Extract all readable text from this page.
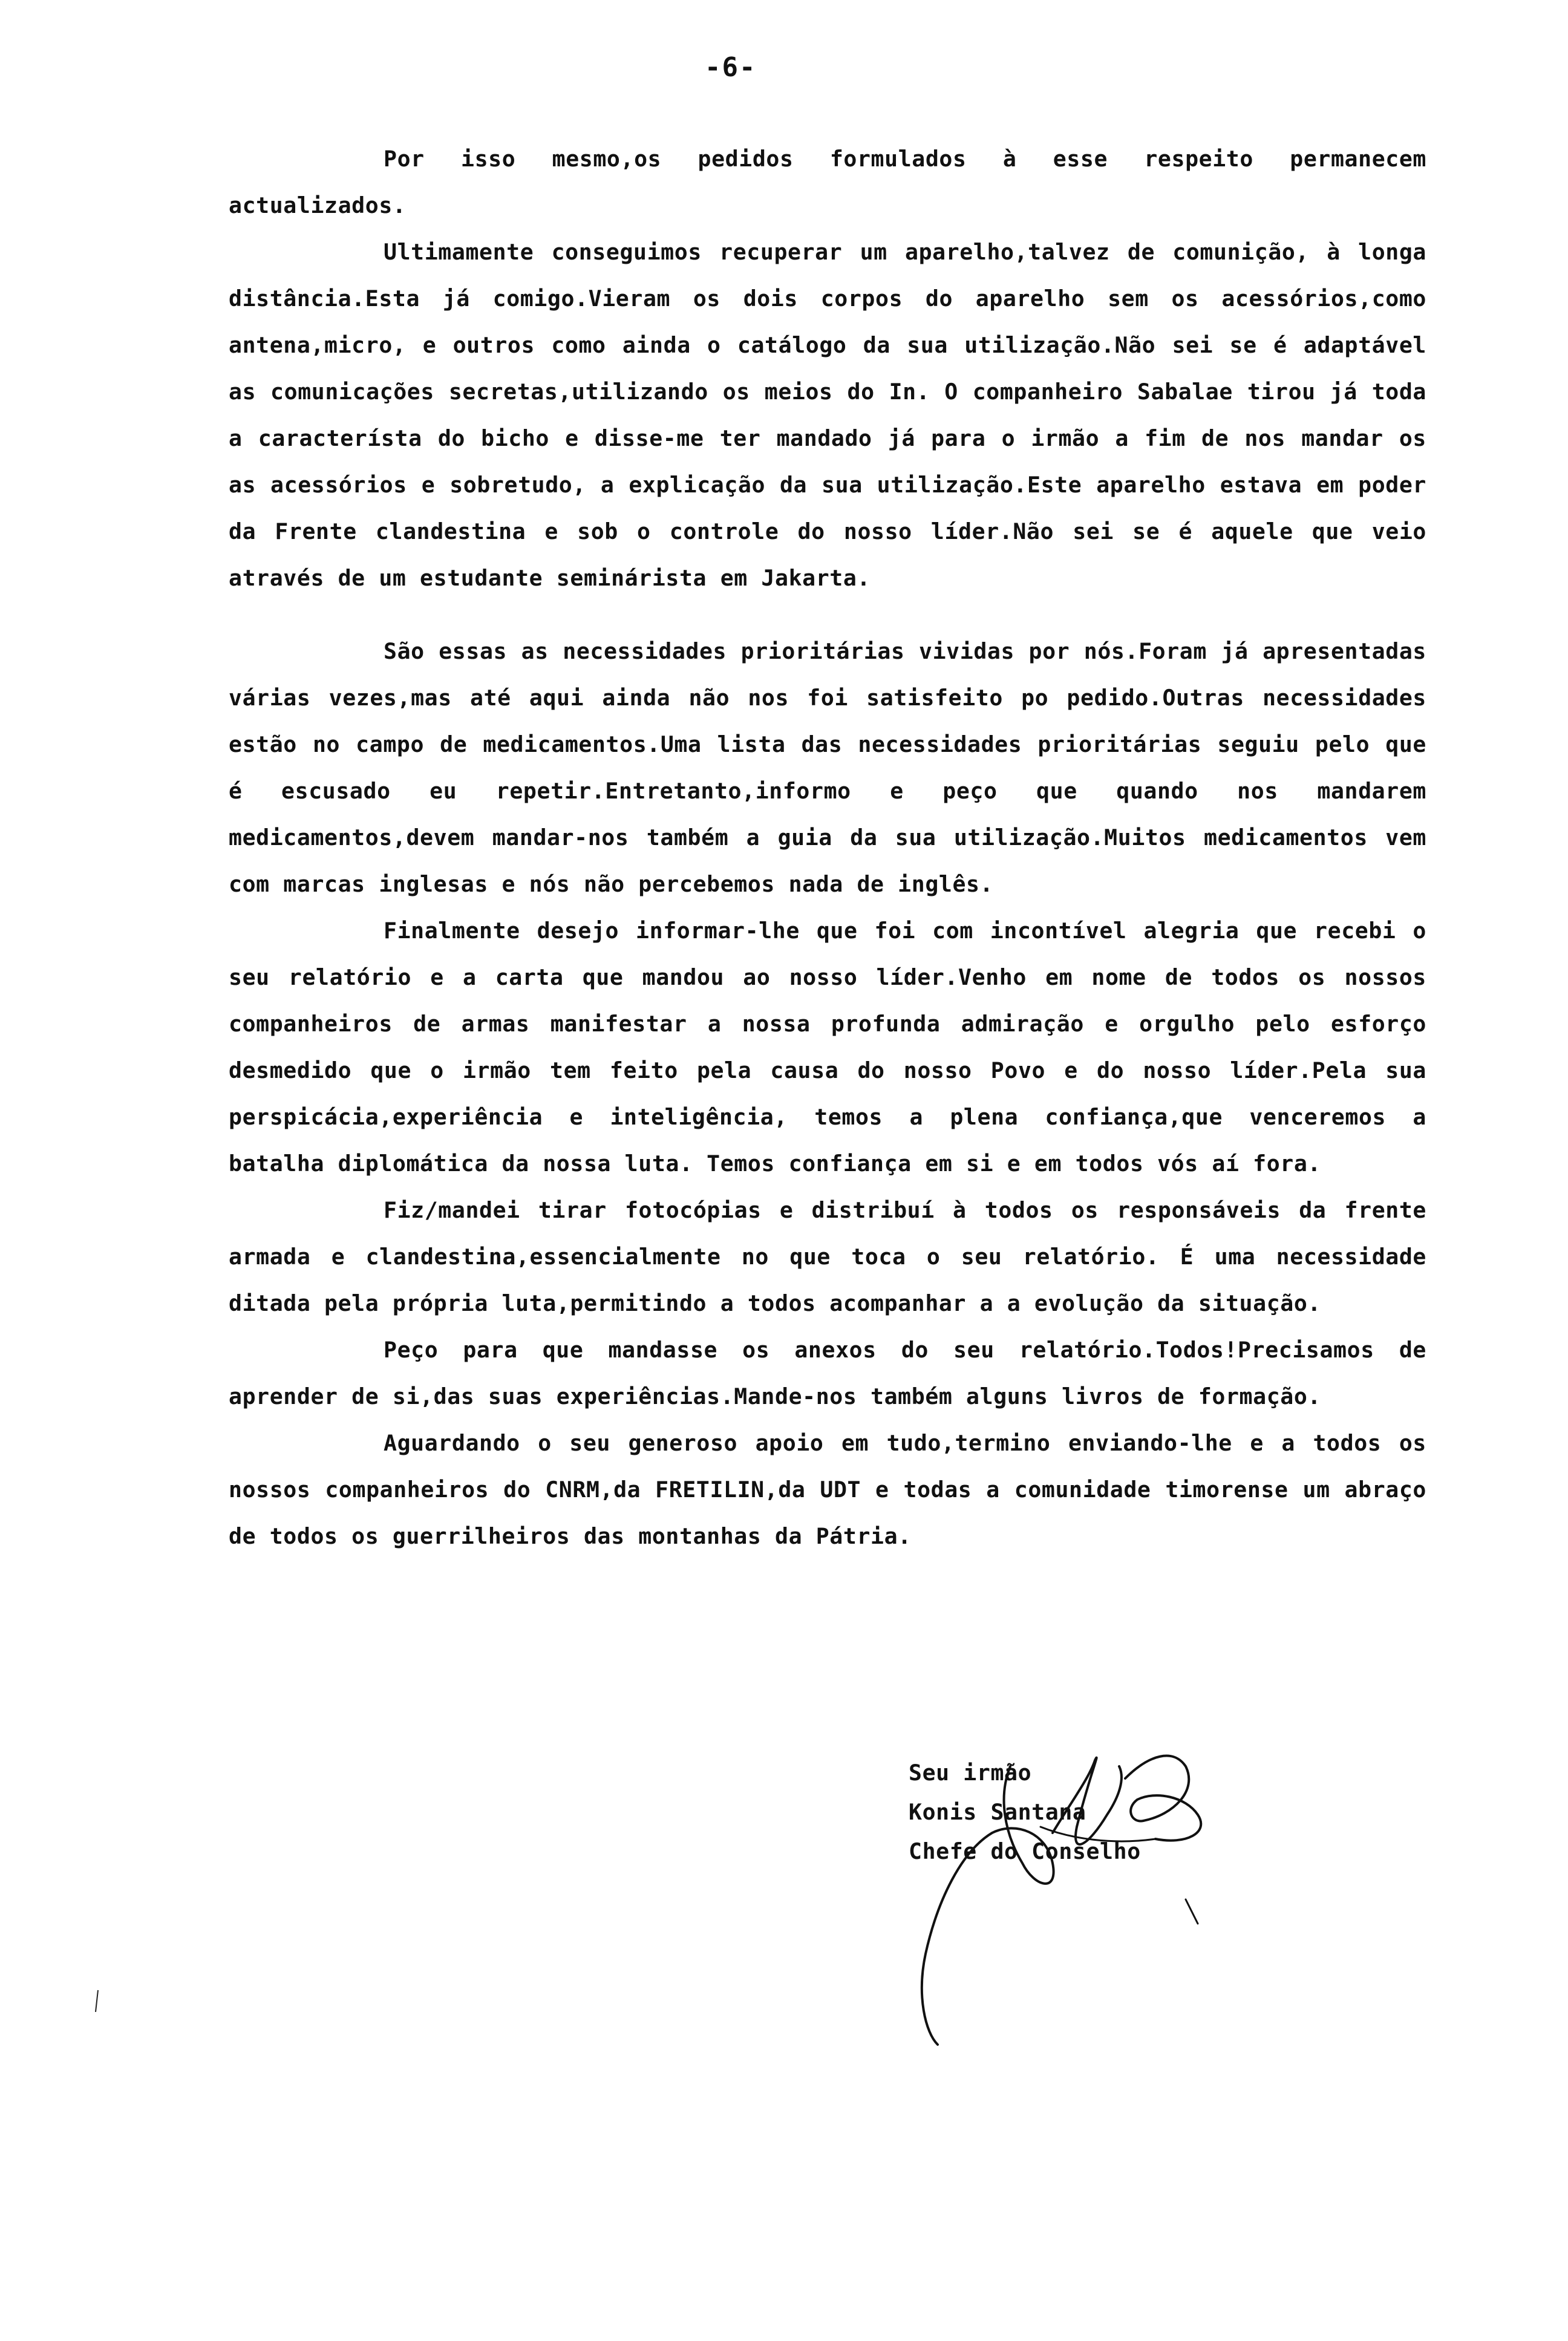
-6-

Por isso mesmo,os pedidos formulados à esse respeito permanecem actualizados.

Ultimamente conseguimos recuperar um aparelho,talvez de comunição, à longa distância.Esta já comigo.Vieram os dois corpos do aparelho sem os acessórios,como antena,micro, e outros como ainda o catálogo da sua utilização.Não sei se é adaptável as comunicações secretas,utilizando os meios do In. O companheiro Sabalae tirou já toda a característa do bicho e disse-me ter mandado já para o irmão a fim de nos mandar os as acessórios e sobretudo, a explicação da sua utilização.Este aparelho estava em poder da Frente clandestina e sob o controle do nosso líder.Não sei se é aquele que veio através de um estudante seminárista em Jakarta.

São essas as necessidades prioritárias vividas por nós.Foram já apresentadas várias vezes,mas até aqui ainda não nos foi satisfeito po pedido.Outras necessidades estão no campo de medicamentos.Uma lista das necessidades prioritárias seguiu pelo que é escusado eu repetir.Entretanto,informo e peço que quando nos mandarem medicamentos,devem mandar-nos também a guia da sua utilização.Muitos medicamentos vem com marcas inglesas e nós não percebemos nada de inglês.

Finalmente desejo informar-lhe que foi com incontível alegria que recebi o seu relatório e a carta que mandou ao nosso líder.Venho em nome de todos os nossos companheiros de armas manifestar a nossa profunda admiração e orgulho pelo esforço desmedido que o irmão tem feito pela causa do nosso Povo e do nosso líder.Pela sua perspicácia,experiência e inteligência, temos a plena confiança,que venceremos a batalha diplomática da nossa luta. Temos confiança em si e em todos vós aí fora.

Fiz/mandei tirar fotocópias e distribuí à todos os responsáveis da frente armada e clandestina,essencialmente no que toca o seu relatório. É uma necessidade ditada pela própria luta,permitindo a todos acompanhar a a evolução da situação.

Peço para que mandasse os anexos do seu relatório.Todos!Precisamos de aprender de si,das suas experiências.Mande-nos também alguns livros de formação.

Aguardando o seu generoso apoio em tudo,termino enviando-lhe e a todos os nossos companheiros do CNRM,da FRETILIN,da UDT e todas a comunidade timorense um abraço de todos os guerrilheiros das montanhas da Pátria.

Seu irmão
Konis Santana
Chefe do Conselho
